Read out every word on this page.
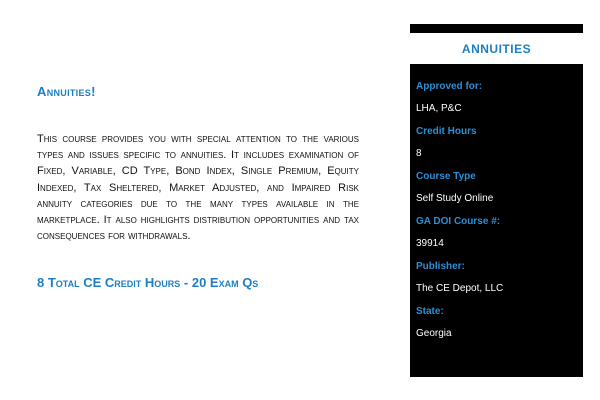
Annuities!
This course provides you with special attention to the various types and issues specific to annuities. It includes examination of Fixed, Variable, CD Type, Bond Index, Single Premium, Equity Indexed, Tax Sheltered, Market Adjusted, and Impaired Risk annuity categories due to the many types available in the marketplace. It also highlights distribution opportunities and tax consequences for withdrawals.
8 Total CE Credit Hours - 20 Exam Qs
ANNUITIES
Approved for:
LHA, P&C
Credit Hours
8
Course Type
Self Study Online
GA DOI Course #:
39914
Publisher:
The CE Depot, LLC
State:
Georgia
